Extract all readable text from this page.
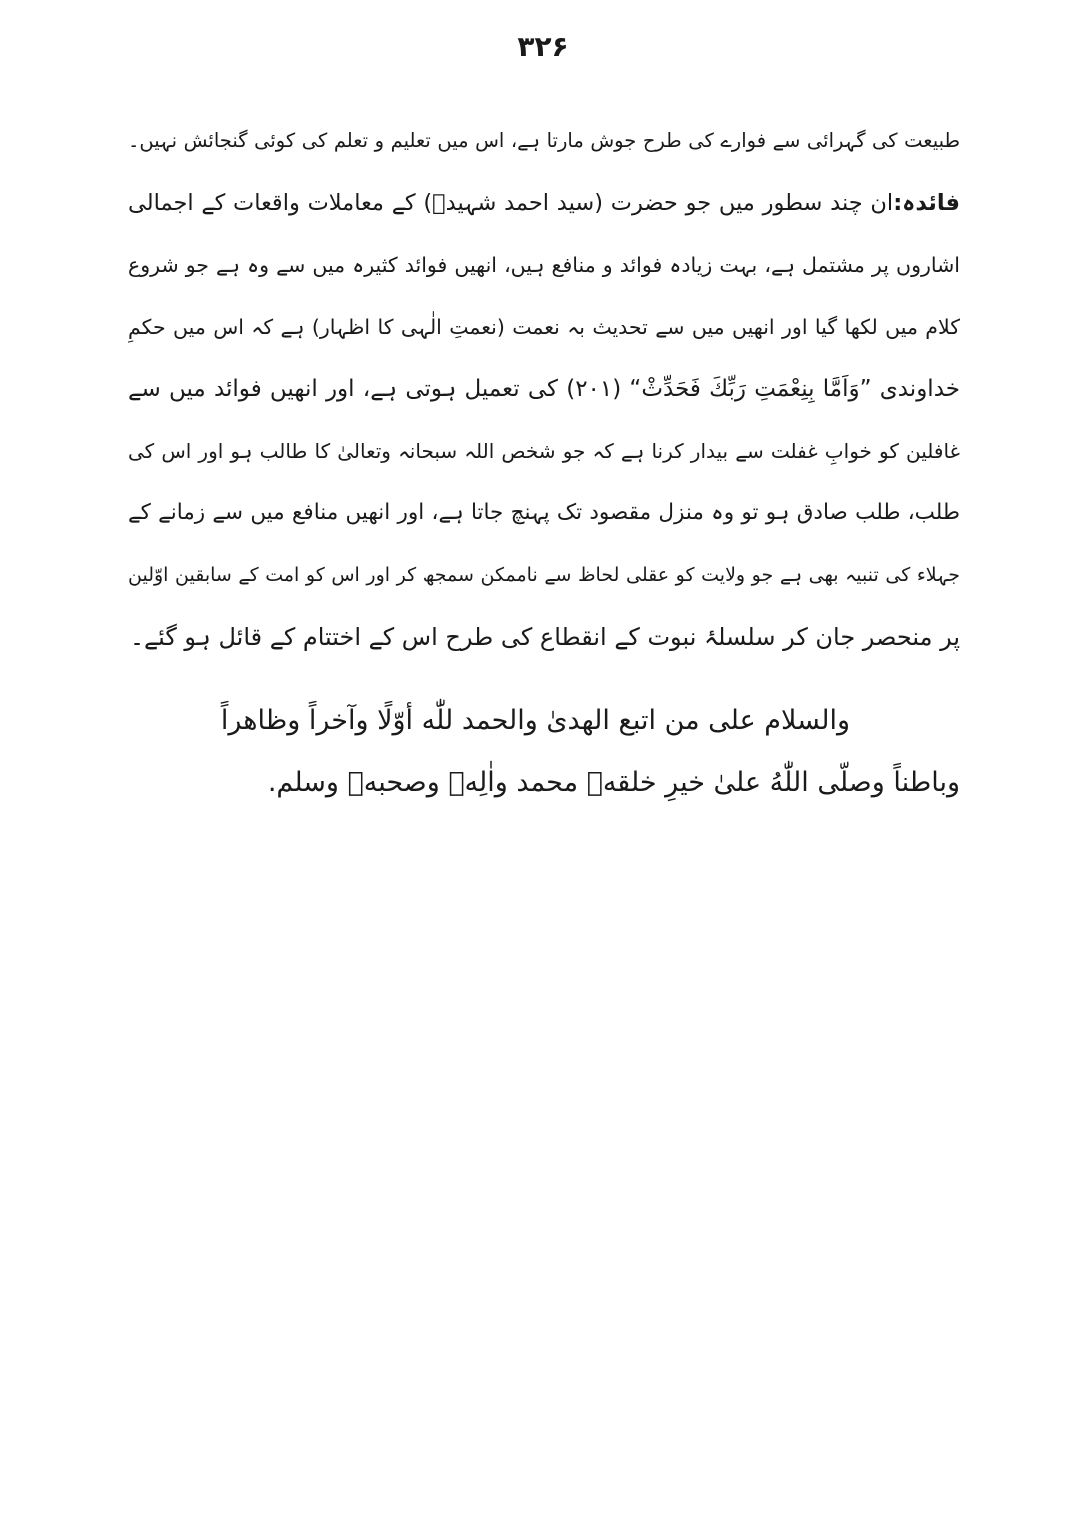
۳۲۶
طبیعت کی گہرائی سے فوارے کی طرح جوش مارتا ہے، اس میں تعلیم و تعلم کی کوئی گنجائش نہیں۔
فائدہ:ان چند سطور میں جو حضرت (سید احمد شہیدؒ) کے معاملات واقعات کے اجمالی
اشاروں پر مشتمل ہے، بہت زیادہ فوائد و منافع ہیں، انھیں فوائد کثیرہ میں سے وہ ہے جو شروع
کلام میں لکھا گیا اور انھیں میں سے تحدیث بہ نعمت (نعمتِ الٰہی کا اظہار) ہے کہ اس میں حکمِ
خداوندی ”وَاَمَّا بِنِعْمَتِ رَبِّكَ فَحَدِّثْ“ (۲۰۱) کی تعمیل ہوتی ہے، اور انھیں فوائد میں سے
غافلین کو خوابِ غفلت سے بیدار کرنا ہے کہ جو شخص اللہ سبحانہ وتعالیٰ کا طالب ہو اور اس کی
طلب، طلب صادق ہو تو وہ منزل مقصود تک پہنچ جاتا ہے، اور انھیں منافع میں سے زمانے کے
جہلاء کی تنبیہ بھی ہے جو ولایت کو عقلی لحاظ سے ناممکن سمجھ کر اور اس کو امت کے سابقین اوّلین
پر منحصر جان کر سلسلۂ نبوت کے انقطاع کی طرح اس کے اختتام کے قائل ہو گئے۔
والسلام علی من اتبع الهدیٰ والحمد للّٰه أوّلًا وآخراً وظاهراً
وباطناً وصلّی اللّٰهُ علیٰ خیرِ خلقهٖ محمد واٰلِهٖ وصحبهٖ وسلم.
